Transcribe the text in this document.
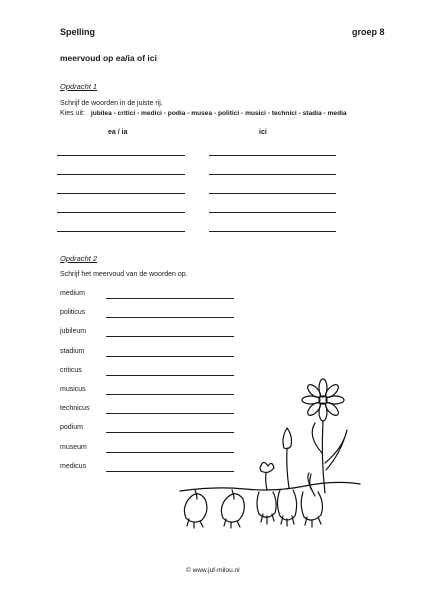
Spelling	groep 8
meervoud op ea/ia of ici
Opdracht 1
Schrijf de woorden in de juiste rij.
Kies uit: jubilea - critici - medici - podia - musea - politici - musici - technici - stadia - media
ea / ia	ici
Opdracht 2
Schrijf het meervoud van de woorden op.
medium
politicus
jubileum
stadium
criticus
musicus
technicus
podium
museum
medicus
© www.juf-milou.nl
